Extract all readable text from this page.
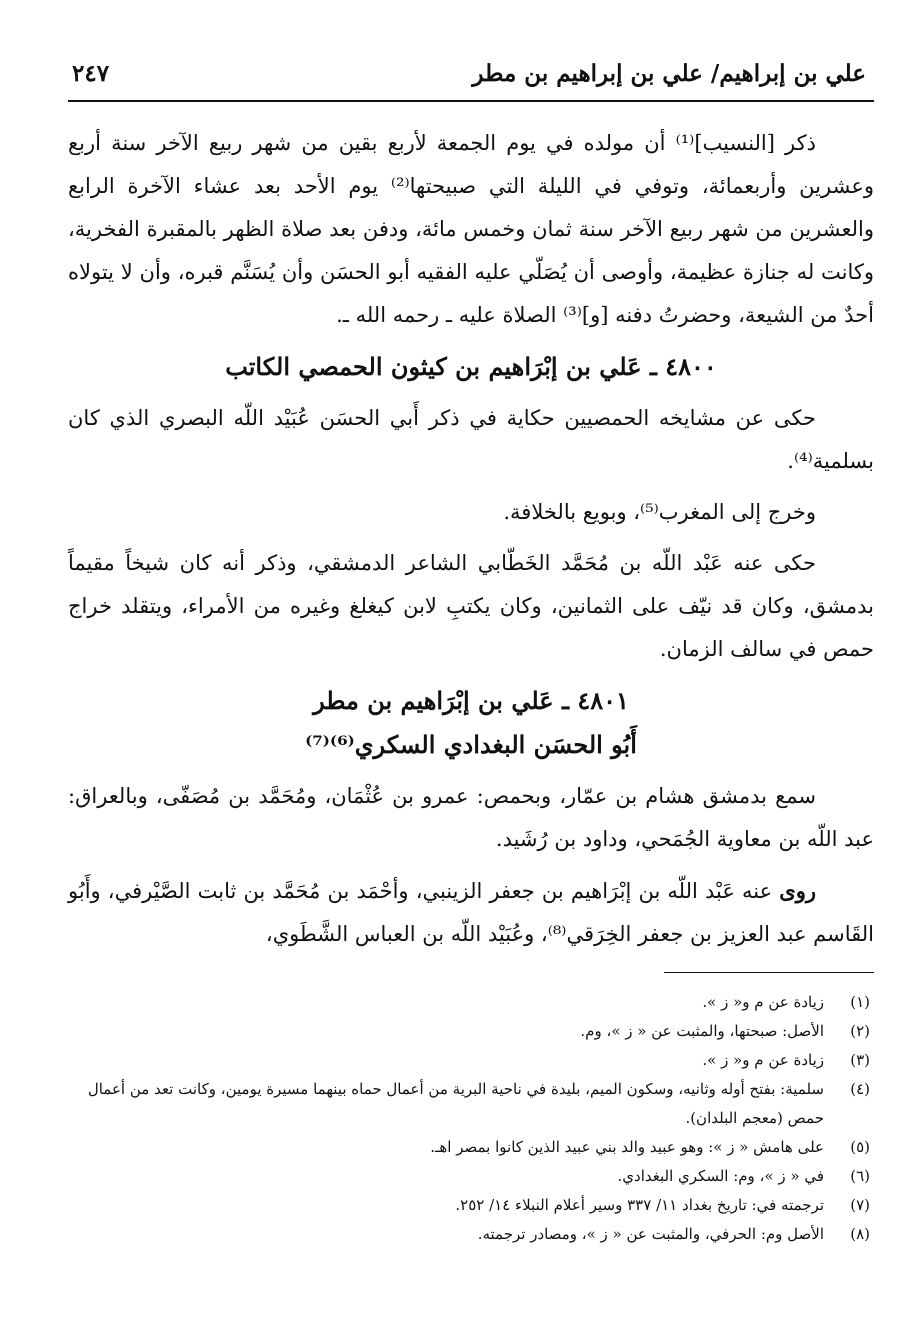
علي بن إبراهيم/ علي بن إبراهيم بن مطر
٢٤٧

ذكر [النسيب]⁽¹⁾ أن مولده في يوم الجمعة لأربع بقين من شهر ربيع الآخر سنة أربع وعشرين وأربعمائة، وتوفي في الليلة التي صبيحتها⁽²⁾ يوم الأحد بعد عشاء الآخرة الرابع والعشرين من شهر ربيع الآخر سنة ثمان وخمس مائة، ودفن بعد صلاة الظهر بالمقبرة الفخرية، وكانت له جنازة عظيمة، وأوصى أن يُصَلّي عليه الفقيه أبو الحسَن وأن يُسَنَّم قبره، وأن لا يتولاه أحدٌ من الشيعة، وحضرتُ دفنه [و]⁽³⁾ الصلاة عليه ـ رحمه الله ـ.

٤٨٠٠ ـ عَلي بن إبْرَاهيم بن كيثون الحمصي الكاتب

حكى عن مشايخه الحمصيين حكاية في ذكر أَبي الحسَن عُبَيْد اللّه البصري الذي كان بسلمية⁽⁴⁾.

وخرج إلى المغرب⁽⁵⁾، وبويع بالخلافة.

حكى عنه عَبْد اللّه بن مُحَمَّد الخَطّابي الشاعر الدمشقي، وذكر أنه كان شيخاً مقيماً بدمشق، وكان قد نيّف على الثمانين، وكان يكتبِ لابن كيغلغ وغيره من الأمراء، ويتقلد خراج حمص في سالف الزمان.

٤٨٠١ ـ عَلي بن إبْرَاهيم بن مطر
أَبُو الحسَن البغدادي السكري⁽⁶⁾⁽⁷⁾

سمع بدمشق هشام بن عمّار، وبحمص: عمرو بن عُثْمَان، ومُحَمَّد بن مُصَفّى، وبالعراق: عبد اللّه بن معاوية الجُمَحي، وداود بن رُشَيد.

روى عنه عَبْد اللّه بن إبْرَاهيم بن جعفر الزينبي، وأحْمَد بن مُحَمَّد بن ثابت الصَّيْرفي، وأَبُو القَاسم عبد العزيز بن جعفر الخِرَقي⁽⁸⁾، وعُبَيْد اللّه بن العباس الشَّطَوي،

(١)
زيادة عن م و« ز ».

(٢)
الأصل: صبحتها، والمثبت عن « ز »، وم.

(٣)
زيادة عن م و« ز ».

(٤)
سلمية: بفتح أوله وثانيه، وسكون الميم، بليدة في ناحية البرية من أعمال حماه بينهما مسيرة يومين، وكانت تعد من أعمال حمص (معجم البلدان).

(٥)
على هامش « ز »: وهو عبيد والد بني عبيد الذين كانوا بمصر اهـ.

(٦)
في « ز »، وم: السكري البغدادي.

(٧)
ترجمته في: تاريخ بغداد ١١/ ٣٣٧ وسير أعلام النبلاء ١٤/ ٢٥٢.

(٨)
الأصل وم: الحرفي، والمثبت عن « ز »، ومصادر ترجمته.
